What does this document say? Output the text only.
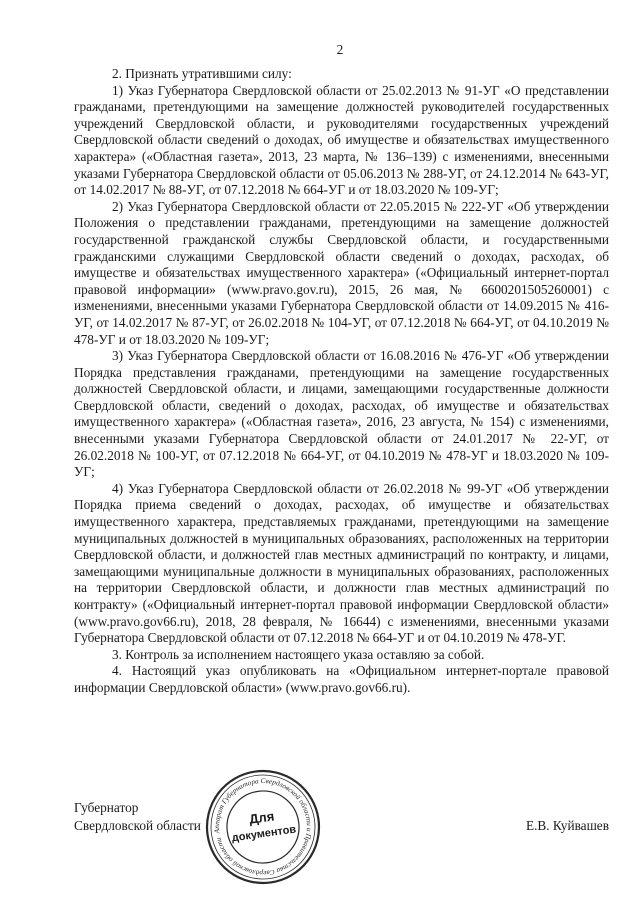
2

2. Признать утратившими силу:

1) Указ Губернатора Свердловской области от 25.02.2013 № 91-УГ «О представлении гражданами, претендующими на замещение должностей руководителей государственных учреждений Свердловской области, и руководителями государственных учреждений Свердловской области сведений о доходах, об имуществе и обязательствах имущественного характера» («Областная газета», 2013, 23 марта, № 136–139) с изменениями, внесенными указами Губернатора Свердловской области от 05.06.2013 № 288-УГ, от 24.12.2014 № 643-УГ, от 14.02.2017 № 88-УГ, от 07.12.2018 № 664-УГ и от 18.03.2020 № 109-УГ;

2) Указ Губернатора Свердловской области от 22.05.2015 № 222-УГ «Об утверждении Положения о представлении гражданами, претендующими на замещение должностей государственной гражданской службы Свердловской области, и государственными гражданскими служащими Свердловской области сведений о доходах, расходах, об имуществе и обязательствах имущественного характера» («Официальный интернет-портал правовой информации» (www.pravo.gov.ru), 2015, 26 мая, № 6600201505260001) с изменениями, внесенными указами Губернатора Свердловской области от 14.09.2015 № 416-УГ, от 14.02.2017 № 87-УГ, от 26.02.2018 № 104-УГ, от 07.12.2018 № 664-УГ, от 04.10.2019 № 478-УГ и от 18.03.2020 № 109-УГ;

3) Указ Губернатора Свердловской области от 16.08.2016 № 476-УГ «Об утверждении Порядка представления гражданами, претендующими на замещение государственных должностей Свердловской области, и лицами, замещающими государственные должности Свердловской области, сведений о доходах, расходах, об имуществе и обязательствах имущественного характера» («Областная газета», 2016, 23 августа, № 154) с изменениями, внесенными указами Губернатора Свердловской области от 24.01.2017 № 22-УГ, от 26.02.2018 № 100-УГ, от 07.12.2018 № 664-УГ, от 04.10.2019 № 478-УГ и 18.03.2020 № 109-УГ;

4) Указ Губернатора Свердловской области от 26.02.2018 № 99-УГ «Об утверждении Порядка приема сведений о доходах, расходах, об имуществе и обязательствах имущественного характера, представляемых гражданами, претендующими на замещение муниципальных должностей в муниципальных образованиях, расположенных на территории Свердловской области, и должностей глав местных администраций по контракту, и лицами, замещающими муниципальные должности в муниципальных образованиях, расположенных на территории Свердловской области, и должности глав местных администраций по контракту» («Официальный интернет-портал правовой информации Свердловской области» (www.pravo.gov66.ru), 2018, 28 февраля, № 16644) с изменениями, внесенными указами Губернатора Свердловской области от 07.12.2018 № 664-УГ и от 04.10.2019 № 478-УГ.

3. Контроль за исполнением настоящего указа оставляю за собой.

4. Настоящий указ опубликовать на «Официальном интернет-портале правовой информации Свердловской области» (www.pravo.gov66.ru).

Губернатор
Свердловской области	Е.В. Куйвашев
Аппарат Губернатора Свердловской области и Правительства Свердловской области
Для
документов
